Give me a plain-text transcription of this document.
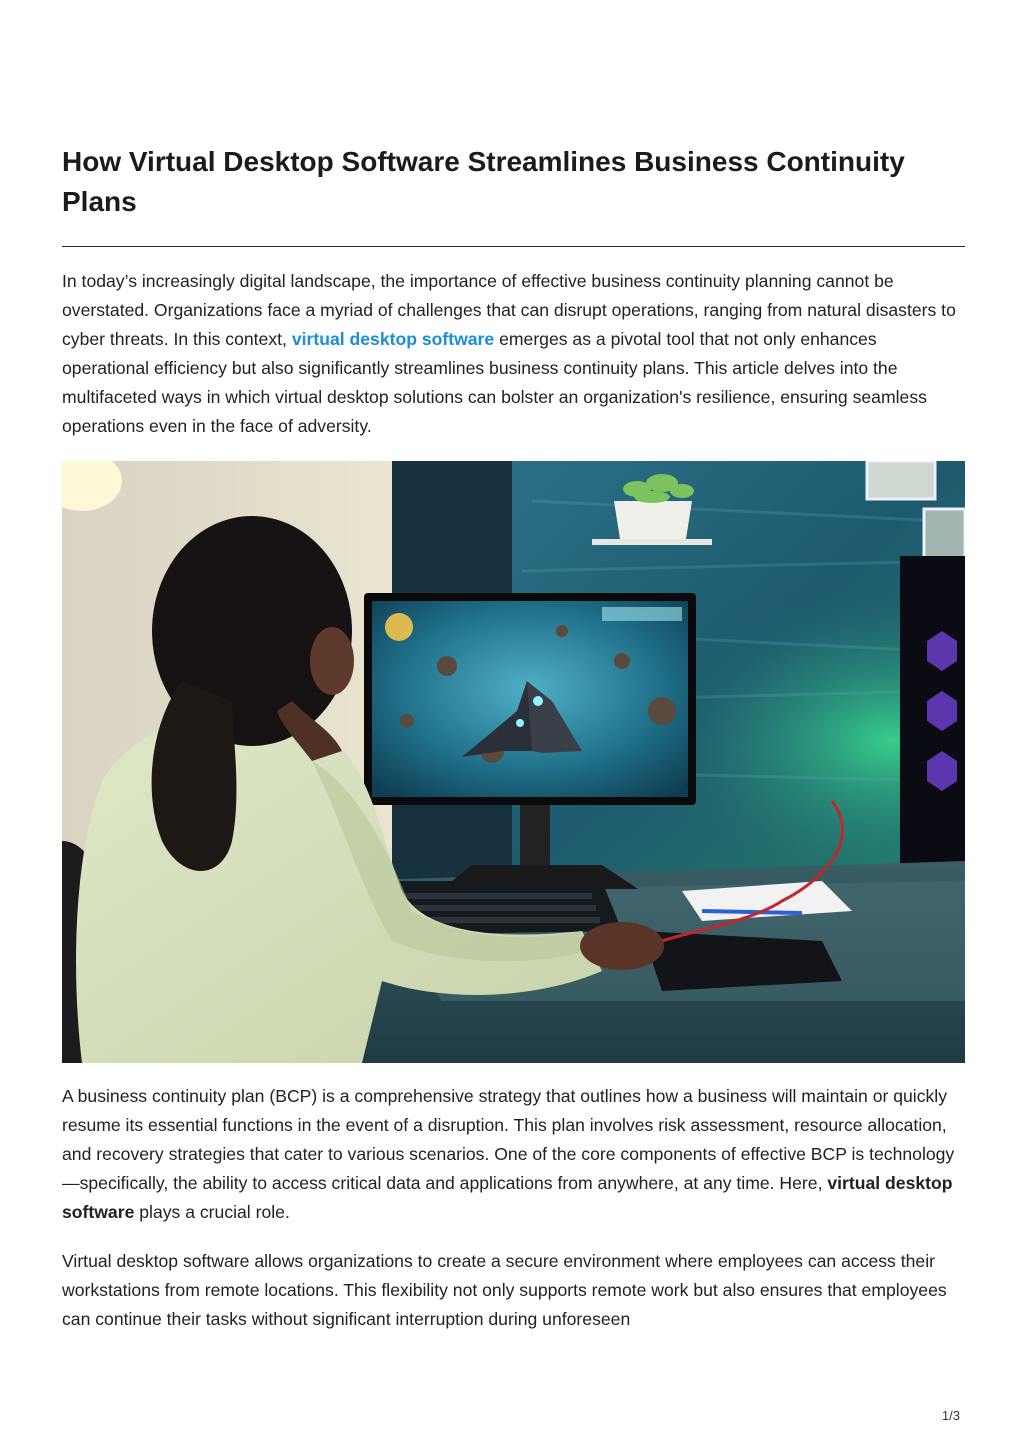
How Virtual Desktop Software Streamlines Business Continuity Plans

In today’s increasingly digital landscape, the importance of effective business continuity planning cannot be overstated. Organizations face a myriad of challenges that can disrupt operations, ranging from natural disasters to cyber threats. In this context, virtual desktop software emerges as a pivotal tool that not only enhances operational efficiency but also significantly streamlines business continuity plans. This article delves into the multifaceted ways in which virtual desktop solutions can bolster an organization's resilience, ensuring seamless operations even in the face of adversity.

A business continuity plan (BCP) is a comprehensive strategy that outlines how a business will maintain or quickly resume its essential functions in the event of a disruption. This plan involves risk assessment, resource allocation, and recovery strategies that cater to various scenarios. One of the core components of effective BCP is technology—specifically, the ability to access critical data and applications from anywhere, at any time. Here, virtual desktop software plays a crucial role.

Virtual desktop software allows organizations to create a secure environment where employees can access their workstations from remote locations. This flexibility not only supports remote work but also ensures that employees can continue their tasks without significant interruption during unforeseen

1/3
